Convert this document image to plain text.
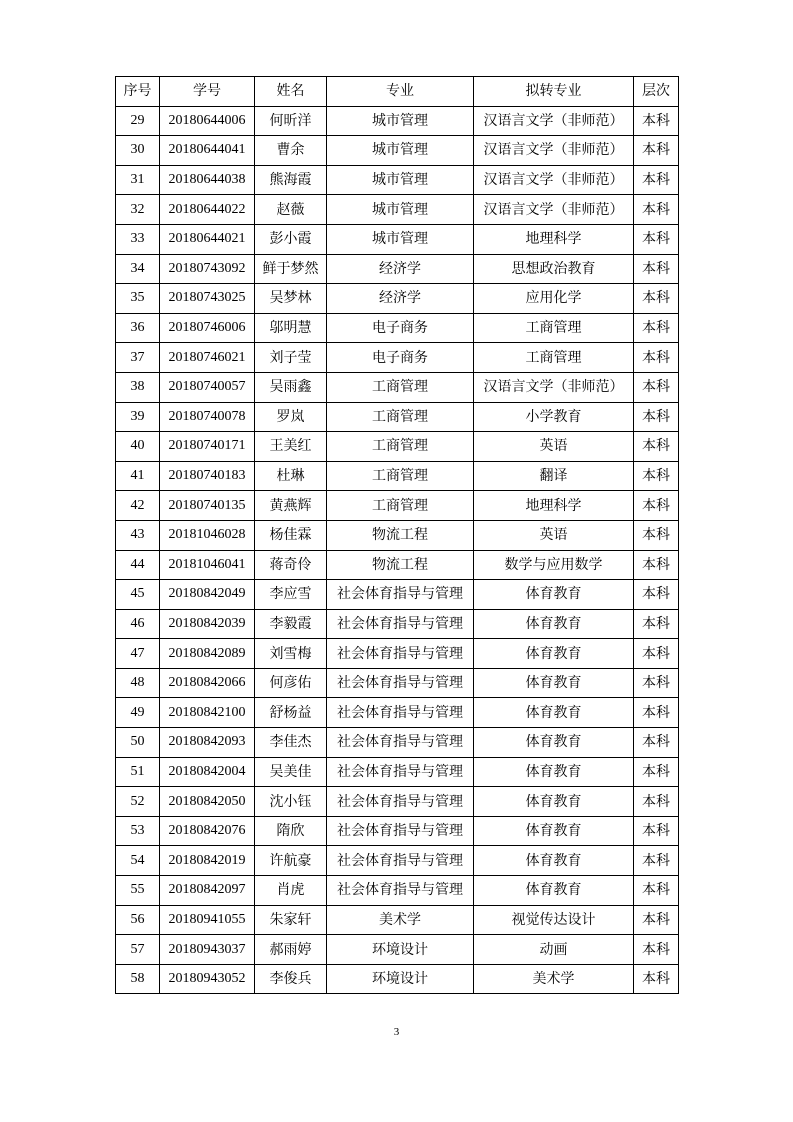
序号	学号	姓名	专业	拟转专业	层次
29	20180644006	何昕洋	城市管理	汉语言文学（非师范）	本科
30	20180644041	曹余	城市管理	汉语言文学（非师范）	本科
31	20180644038	熊海霞	城市管理	汉语言文学（非师范）	本科
32	20180644022	赵薇	城市管理	汉语言文学（非师范）	本科
33	20180644021	彭小霞	城市管理	地理科学	本科
34	20180743092	鲜于梦然	经济学	思想政治教育	本科
35	20180743025	吴梦林	经济学	应用化学	本科
36	20180746006	邬明慧	电子商务	工商管理	本科
37	20180746021	刘子莹	电子商务	工商管理	本科
38	20180740057	吴雨鑫	工商管理	汉语言文学（非师范）	本科
39	20180740078	罗岚	工商管理	小学教育	本科
40	20180740171	王美红	工商管理	英语	本科
41	20180740183	杜琳	工商管理	翻译	本科
42	20180740135	黄燕辉	工商管理	地理科学	本科
43	20181046028	杨佳霖	物流工程	英语	本科
44	20181046041	蒋奇伶	物流工程	数学与应用数学	本科
45	20180842049	李应雪	社会体育指导与管理	体育教育	本科
46	20180842039	李毅霞	社会体育指导与管理	体育教育	本科
47	20180842089	刘雪梅	社会体育指导与管理	体育教育	本科
48	20180842066	何彦佑	社会体育指导与管理	体育教育	本科
49	20180842100	舒杨益	社会体育指导与管理	体育教育	本科
50	20180842093	李佳杰	社会体育指导与管理	体育教育	本科
51	20180842004	吴美佳	社会体育指导与管理	体育教育	本科
52	20180842050	沈小钰	社会体育指导与管理	体育教育	本科
53	20180842076	隋欣	社会体育指导与管理	体育教育	本科
54	20180842019	许航豪	社会体育指导与管理	体育教育	本科
55	20180842097	肖虎	社会体育指导与管理	体育教育	本科
56	20180941055	朱家轩	美术学	视觉传达设计	本科
57	20180943037	郝雨婷	环境设计	动画	本科
58	20180943052	李俊兵	环境设计	美术学	本科
3
